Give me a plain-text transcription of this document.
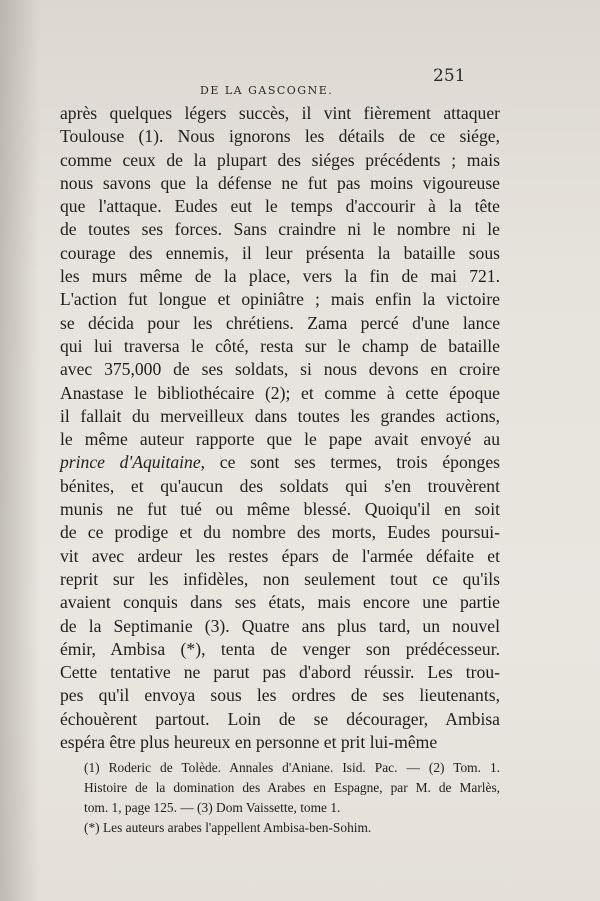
DE LA GASCOGNE.
251
après quelques légers succès, il vint fièrement attaquer
Toulouse (1). Nous ignorons les détails de ce siége,
comme ceux de la plupart des siéges précédents ; mais
nous savons que la défense ne fut pas moins vigoureuse
que l'attaque. Eudes eut le temps d'accourir à la tête
de toutes ses forces. Sans craindre ni le nombre ni le
courage des ennemis, il leur présenta la bataille sous
les murs même de la place, vers la fin de mai 721.
L'action fut longue et opiniâtre ; mais enfin la victoire
se décida pour les chrétiens. Zama percé d'une lance
qui lui traversa le côté, resta sur le champ de bataille
avec 375,000 de ses soldats, si nous devons en croire
Anastase le bibliothécaire (2); et comme à cette époque
il fallait du merveilleux dans toutes les grandes actions,
le même auteur rapporte que le pape avait envoyé au
prince d'Aquitaine, ce sont ses termes, trois éponges
bénites, et qu'aucun des soldats qui s'en trouvèrent
munis ne fut tué ou même blessé. Quoiqu'il en soit
de ce prodige et du nombre des morts, Eudes poursui-
vit avec ardeur les restes épars de l'armée défaite et
reprit sur les infidèles, non seulement tout ce qu'ils
avaient conquis dans ses états, mais encore une partie
de la Septimanie (3). Quatre ans plus tard, un nouvel
émir, Ambisa (*), tenta de venger son prédécesseur.
Cette tentative ne parut pas d'abord réussir. Les trou-
pes qu'il envoya sous les ordres de ses lieutenants,
échouèrent partout. Loin de se décourager, Ambisa
espéra être plus heureux en personne et prit lui-même
(1) Roderic de Tolède. Annales d'Aniane. Isid. Pac. — (2) Tom. 1.
Histoire de la domination des Arabes en Espagne, par M. de Marlès,
tom. 1, page 125. — (3) Dom Vaissette, tome 1.
(*) Les auteurs arabes l'appellent Ambisa-ben-Sohim.
